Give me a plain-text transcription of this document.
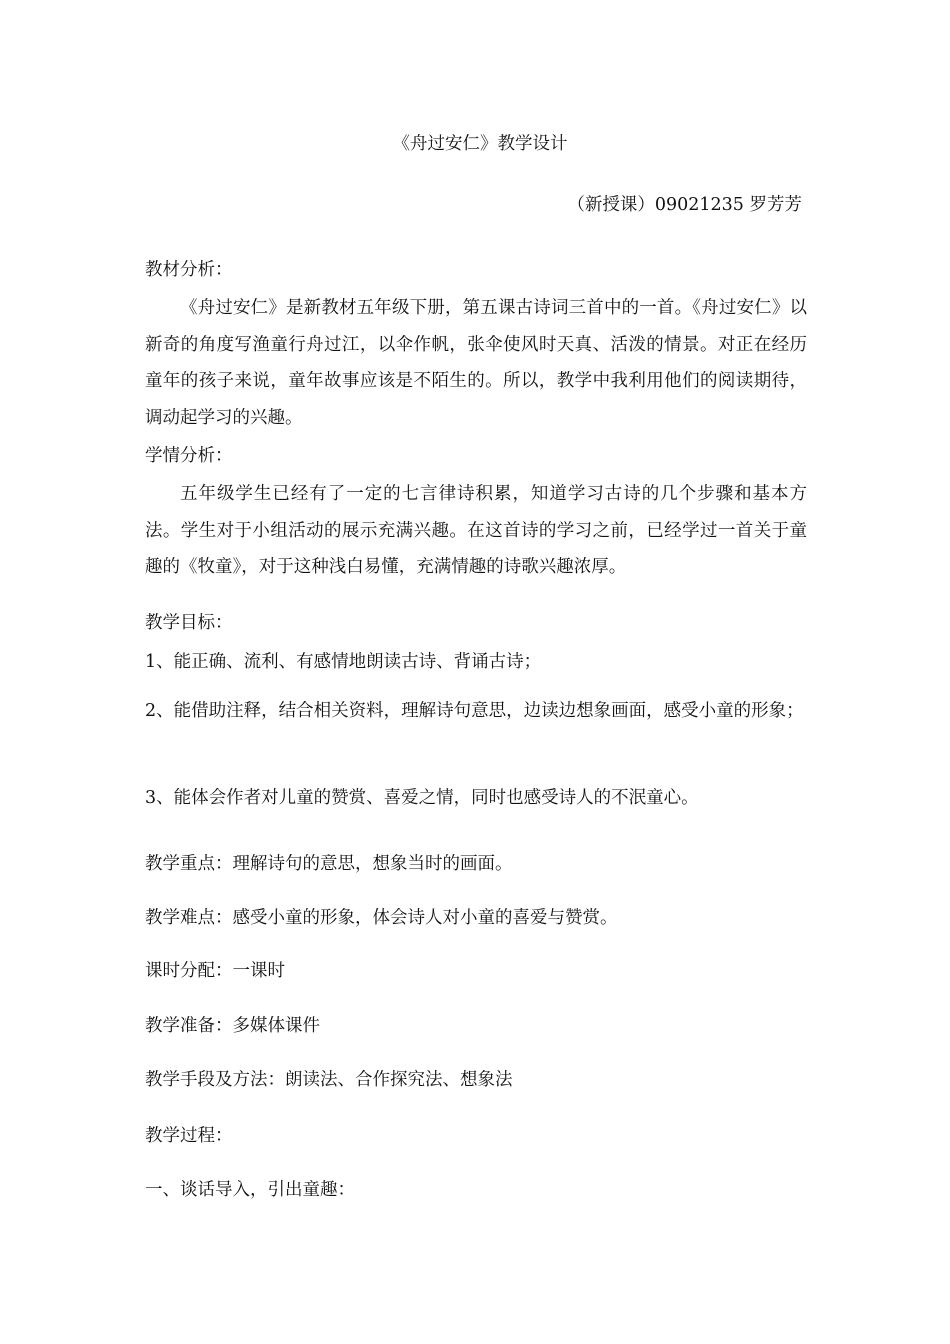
《舟过安仁》教学设计
（新授课）09021235 罗芳芳
教材分析：
《舟过安仁》是新教材五年级下册，第五课古诗词三首中的一首。《舟过安仁》以新奇的角度写渔童行舟过江，以伞作帆，张伞使风时天真、活泼的情景。对正在经历童年的孩子来说，童年故事应该是不陌生的。所以，教学中我利用他们的阅读期待，调动起学习的兴趣。
学情分析：
五年级学生已经有了一定的七言律诗积累，知道学习古诗的几个步骤和基本方法。学生对于小组活动的展示充满兴趣。在这首诗的学习之前，已经学过一首关于童趣的《牧童》，对于这种浅白易懂，充满情趣的诗歌兴趣浓厚。
教学目标：
1、能正确、流利、有感情地朗读古诗、背诵古诗；
2、能借助注释，结合相关资料，理解诗句意思，边读边想象画面，感受小童的形象；
3、能体会作者对儿童的赞赏、喜爱之情，同时也感受诗人的不泯童心。
教学重点：理解诗句的意思，想象当时的画面。
教学难点：感受小童的形象，体会诗人对小童的喜爱与赞赏。
课时分配：一课时
教学准备：多媒体课件
教学手段及方法：朗读法、合作探究法、想象法
教学过程：
一、谈话导入，引出童趣：
